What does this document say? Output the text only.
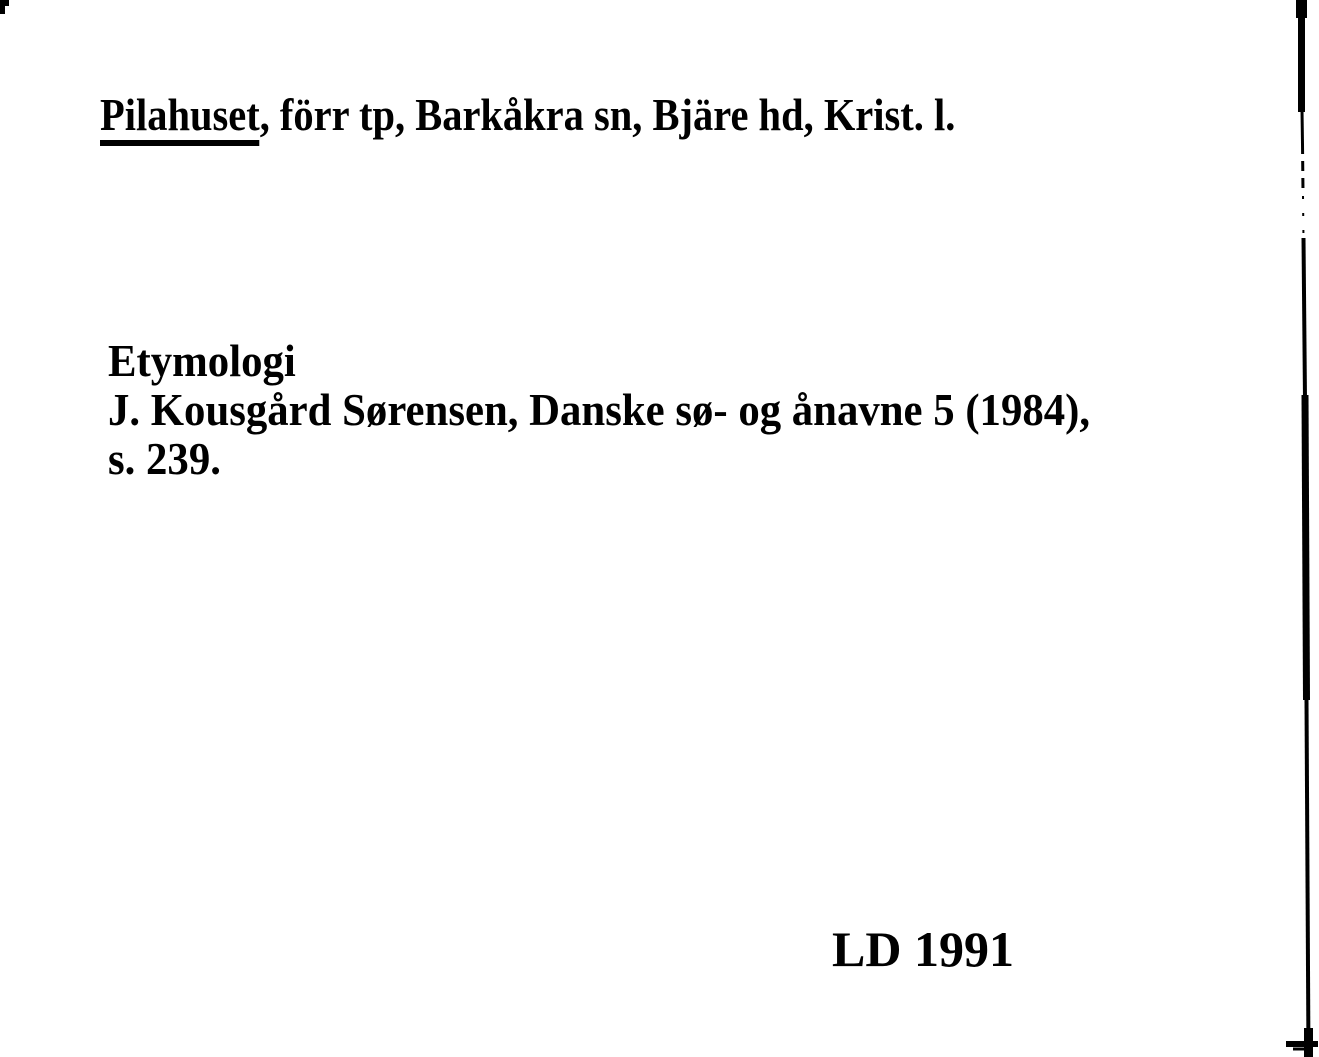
Pilahuset, förr tp, Barkåkra sn, Bjäre hd, Krist. l.
Etymologi
J. Kousgård Sørensen, Danske sø- og ånavne 5 (1984),
s. 239.
LD 1991
